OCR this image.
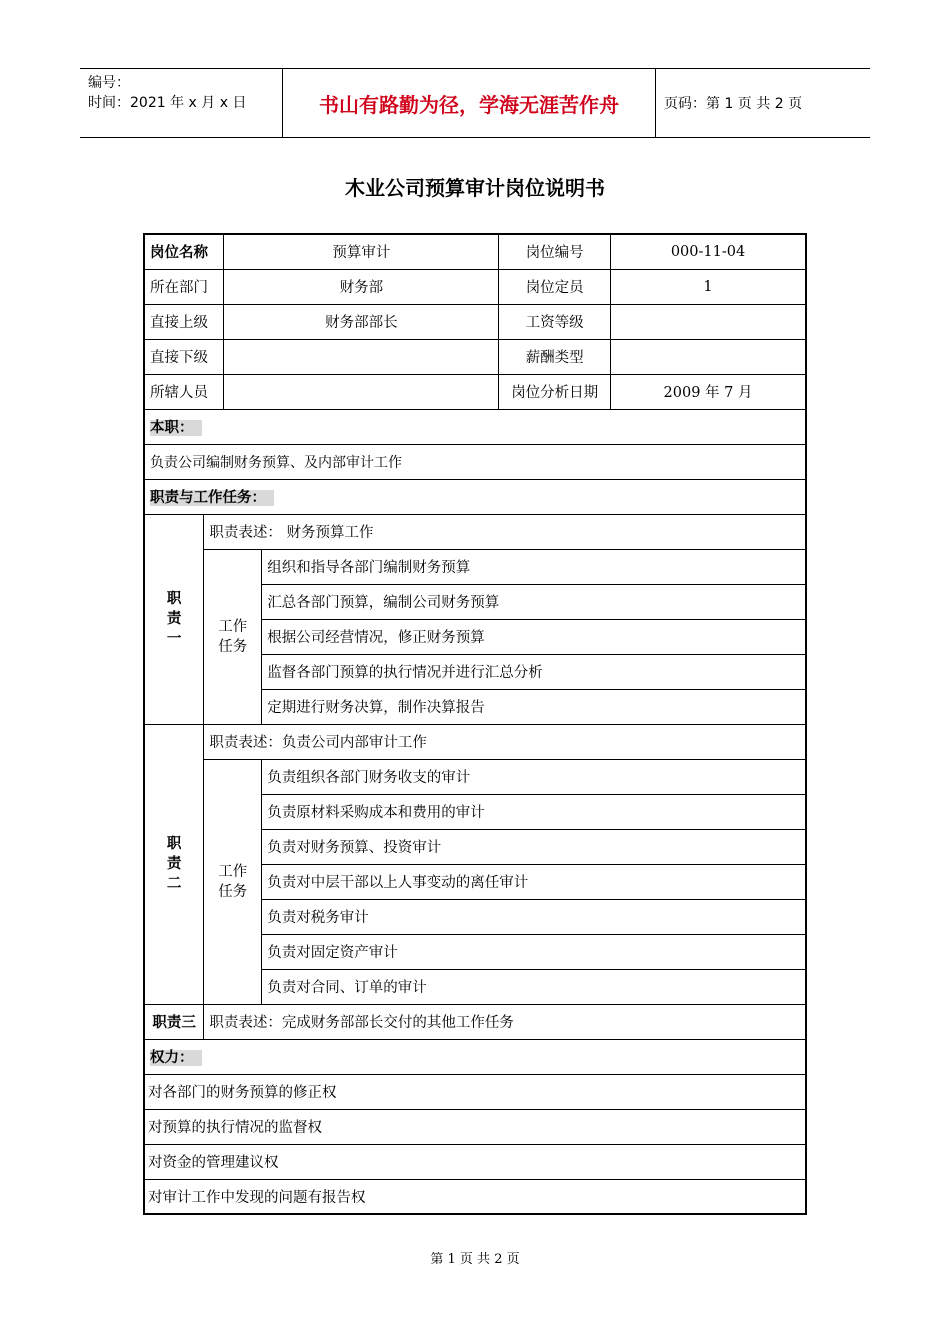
编号：
时间：2021 年 x 月 x 日	书山有路勤为径，学海无涯苦作舟	页码：第 1 页 共 2 页
木业公司预算审计岗位说明书
岗位名称		预算审计		岗位编号	000-11-04
所在部门		财务部		岗位定员	1
直接上级		财务部部长		工资等级	
直接下级				薪酬类型	
所辖人员				岗位分析日期	2009 年 7 月
本职：					
负责公司编制财务预算、及内部审计工作					
职责与工作任务：					
职
责
一	职责表述： 财务预算工作				
	工作
任务		组织和指导各部门编制财务预算		
			汇总各部门预算，编制公司财务预算		
			根据公司经营情况，修正财务预算		
			监督各部门预算的执行情况并进行汇总分析		
			定期进行财务决算，制作决算报告		
职
责
二	职责表述：负责公司内部审计工作				
	工作
任务		负责组织各部门财务收支的审计		
			负责原材料采购成本和费用的审计		
			负责对财务预算、投资审计		
			负责对中层干部以上人事变动的离任审计		
			负责对税务审计		
			负责对固定资产审计		
			负责对合同、订单的审计		
职责三	职责表述：完成财务部部长交付的其他工作任务				
权力：					
对各部门的财务预算的修正权					
对预算的执行情况的监督权					
对资金的管理建议权					
对审计工作中发现的问题有报告权					
第 1 页 共 2 页
